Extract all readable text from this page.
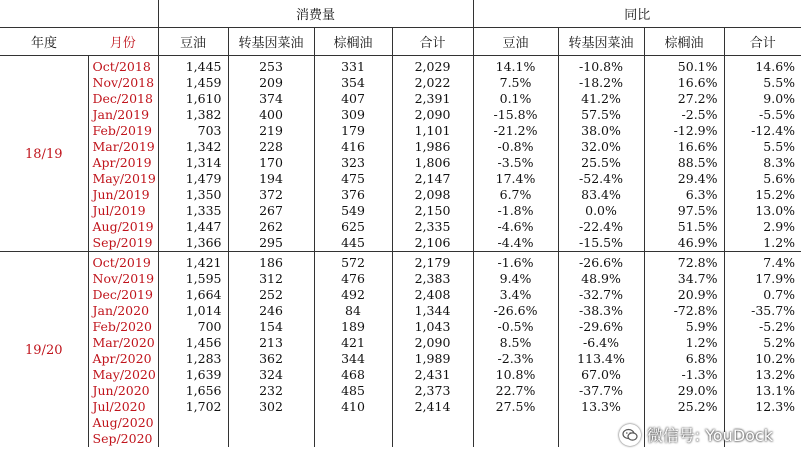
		消费量				同比			
年度	月份	豆油	转基因菜油	棕榈油	合计	豆油	转基因菜油	棕榈油	合计
18/19	Oct/2018	1,445	253	331	2,029	14.1%	-10.8%	50.1%	14.6%
	Nov/2018	1,459	209	354	2,022	7.5%	-18.2%	16.6%	5.5%
	Dec/2018	1,610	374	407	2,391	0.1%	41.2%	27.2%	9.0%
	Jan/2019	1,382	400	309	2,090	-15.8%	57.5%	-2.5%	-5.5%
	Feb/2019	703	219	179	1,101	-21.2%	38.0%	-12.9%	-12.4%
	Mar/2019	1,342	228	416	1,986	-0.8%	32.0%	16.6%	5.5%
	Apr/2019	1,314	170	323	1,806	-3.5%	25.5%	88.5%	8.3%
	May/2019	1,479	194	475	2,147	17.4%	-52.4%	29.4%	5.6%
	Jun/2019	1,350	372	376	2,098	6.7%	83.4%	6.3%	15.2%
	Jul/2019	1,335	267	549	2,150	-1.8%	0.0%	97.5%	13.0%
	Aug/2019	1,447	262	625	2,335	-4.6%	-22.4%	51.5%	2.9%
	Sep/2019	1,366	295	445	2,106	-4.4%	-15.5%	46.9%	1.2%
19/20	Oct/2019	1,421	186	572	2,179	-1.6%	-26.6%	72.8%	7.4%
	Nov/2019	1,595	312	476	2,383	9.4%	48.9%	34.7%	17.9%
	Dec/2019	1,664	252	492	2,408	3.4%	-32.7%	20.9%	0.7%
	Jan/2020	1,014	246	84	1,344	-26.6%	-38.3%	-72.8%	-35.7%
	Feb/2020	700	154	189	1,043	-0.5%	-29.6%	5.9%	-5.2%
	Mar/2020	1,456	213	421	2,090	8.5%	-6.4%	1.2%	5.2%
	Apr/2020	1,283	362	344	1,989	-2.3%	113.4%	6.8%	10.2%
	May/2020	1,639	324	468	2,431	10.8%	67.0%	-1.3%	13.2%
	Jun/2020	1,656	232	485	2,373	22.7%	-37.7%	29.0%	13.1%
	Jul/2020	1,702	302	410	2,414	27.5%	13.3%	25.2%	12.3%
	Aug/2020								
	Sep/2020									微信号: YouDock
